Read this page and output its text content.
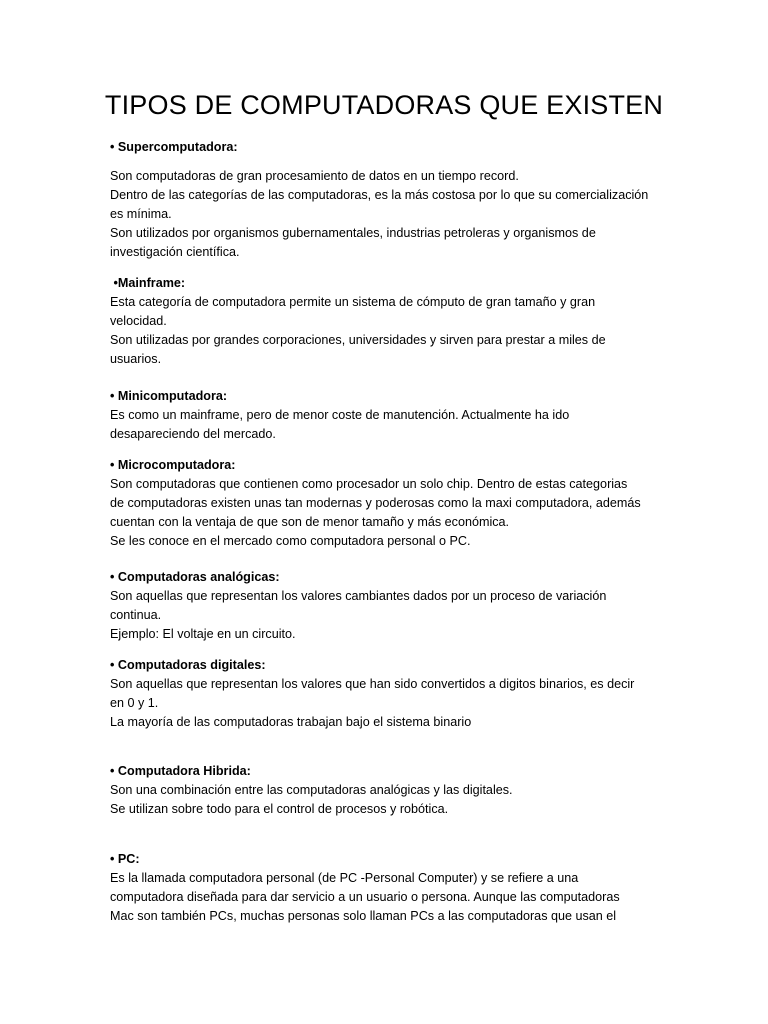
TIPOS DE COMPUTADORAS QUE EXISTEN
• Supercomputadora:
Son computadoras de gran procesamiento de datos en un tiempo record.
Dentro de las categorías de las computadoras, es la más costosa por lo que su comercialización
es mínima.
Son utilizados por organismos gubernamentales, industrias petroleras y organismos de
investigación científica.
•Mainframe:
Esta categoría de computadora permite un sistema de cómputo de gran tamaño y gran
velocidad.
Son utilizadas por grandes corporaciones, universidades y sirven para prestar a miles de
usuarios.
• Minicomputadora:
Es como un mainframe, pero de menor coste de manutención. Actualmente ha ido
desapareciendo del mercado.
• Microcomputadora:
Son computadoras que contienen como procesador un solo chip. Dentro de estas categorias
de computadoras existen unas tan modernas y poderosas como la maxi computadora, además
cuentan con la ventaja de que son de menor tamaño y más económica.
Se les conoce en el mercado como computadora personal o PC.
• Computadoras analógicas:
Son aquellas que representan los valores cambiantes dados por un proceso de variación
continua.
Ejemplo: El voltaje en un circuito.
• Computadoras digitales:
Son aquellas que representan los valores que han sido convertidos a digitos binarios, es decir
en 0 y 1.
La mayoría de las computadoras trabajan bajo el sistema binario
• Computadora Hibrida:
Son una combinación entre las computadoras analógicas y las digitales.
Se utilizan sobre todo para el control de procesos y robótica.
• PC:
Es la llamada computadora personal (de PC -Personal Computer) y se refiere a una
computadora diseñada para dar servicio a un usuario o persona. Aunque las computadoras
Mac son también PCs, muchas personas solo llaman PCs a las computadoras que usan el
